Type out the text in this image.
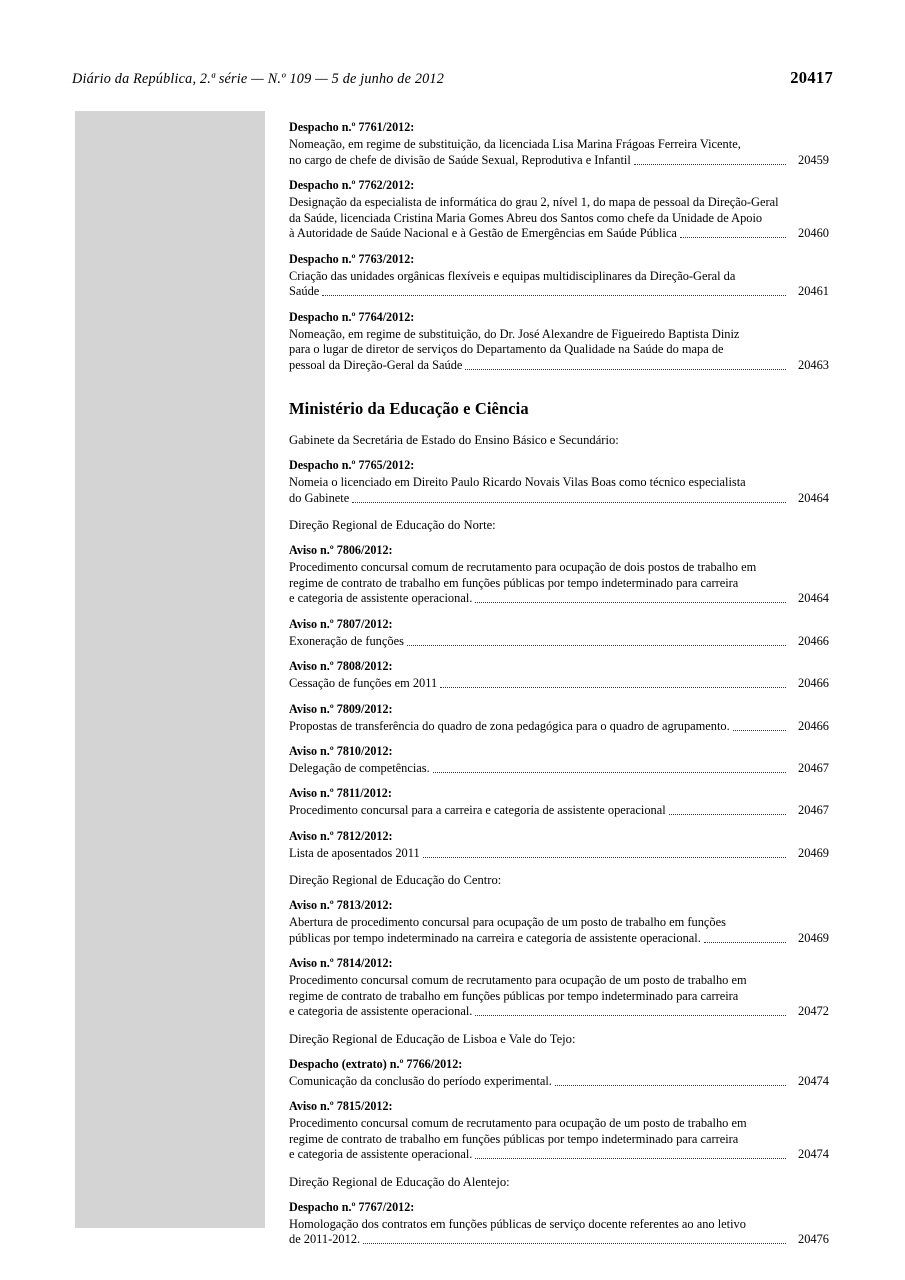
Diário da República, 2.ª série — N.º 109 — 5 de junho de 2012	20417
Despacho n.º 7761/2012:
Nomeação, em regime de substituição, da licenciada Lisa Marina Frágoas Ferreira Vicente,
no cargo de chefe de divisão de Saúde Sexual, Reprodutiva e Infantil	20459
Despacho n.º 7762/2012:
Designação da especialista de informática do grau 2, nível 1, do mapa de pessoal da Direção-Geral
da Saúde, licenciada Cristina Maria Gomes Abreu dos Santos como chefe da Unidade de Apoio
à Autoridade de Saúde Nacional e à Gestão de Emergências em Saúde Pública	20460
Despacho n.º 7763/2012:
Criação das unidades orgânicas flexíveis e equipas multidisciplinares da Direção-Geral da
Saúde	20461
Despacho n.º 7764/2012:
Nomeação, em regime de substituição, do Dr. José Alexandre de Figueiredo Baptista Diniz
para o lugar de diretor de serviços do Departamento da Qualidade na Saúde do mapa de
pessoal da Direção-Geral da Saúde	20463
Ministério da Educação e Ciência
Gabinete da Secretária de Estado do Ensino Básico e Secundário:
Despacho n.º 7765/2012:
Nomeia o licenciado em Direito Paulo Ricardo Novais Vilas Boas como técnico especialista
do Gabinete	20464
Direção Regional de Educação do Norte:
Aviso n.º 7806/2012:
Procedimento concursal comum de recrutamento para ocupação de dois postos de trabalho em
regime de contrato de trabalho em funções públicas por tempo indeterminado para carreira
e categoria de assistente operacional.	20464
Aviso n.º 7807/2012:
Exoneração de funções	20466
Aviso n.º 7808/2012:
Cessação de funções em 2011	20466
Aviso n.º 7809/2012:
Propostas de transferência do quadro de zona pedagógica para o quadro de agrupamento.	20466
Aviso n.º 7810/2012:
Delegação de competências.	20467
Aviso n.º 7811/2012:
Procedimento concursal para a carreira e categoria de assistente operacional	20467
Aviso n.º 7812/2012:
Lista de aposentados 2011	20469
Direção Regional de Educação do Centro:
Aviso n.º 7813/2012:
Abertura de procedimento concursal para ocupação de um posto de trabalho em funções
públicas por tempo indeterminado na carreira e categoria de assistente operacional.	20469
Aviso n.º 7814/2012:
Procedimento concursal comum de recrutamento para ocupação de um posto de trabalho em
regime de contrato de trabalho em funções públicas por tempo indeterminado para carreira
e categoria de assistente operacional.	20472
Direção Regional de Educação de Lisboa e Vale do Tejo:
Despacho (extrato) n.º 7766/2012:
Comunicação da conclusão do período experimental.	20474
Aviso n.º 7815/2012:
Procedimento concursal comum de recrutamento para ocupação de um posto de trabalho em
regime de contrato de trabalho em funções públicas por tempo indeterminado para carreira
e categoria de assistente operacional.	20474
Direção Regional de Educação do Alentejo:
Despacho n.º 7767/2012:
Homologação dos contratos em funções públicas de serviço docente referentes ao ano letivo
de 2011-2012.	20476
